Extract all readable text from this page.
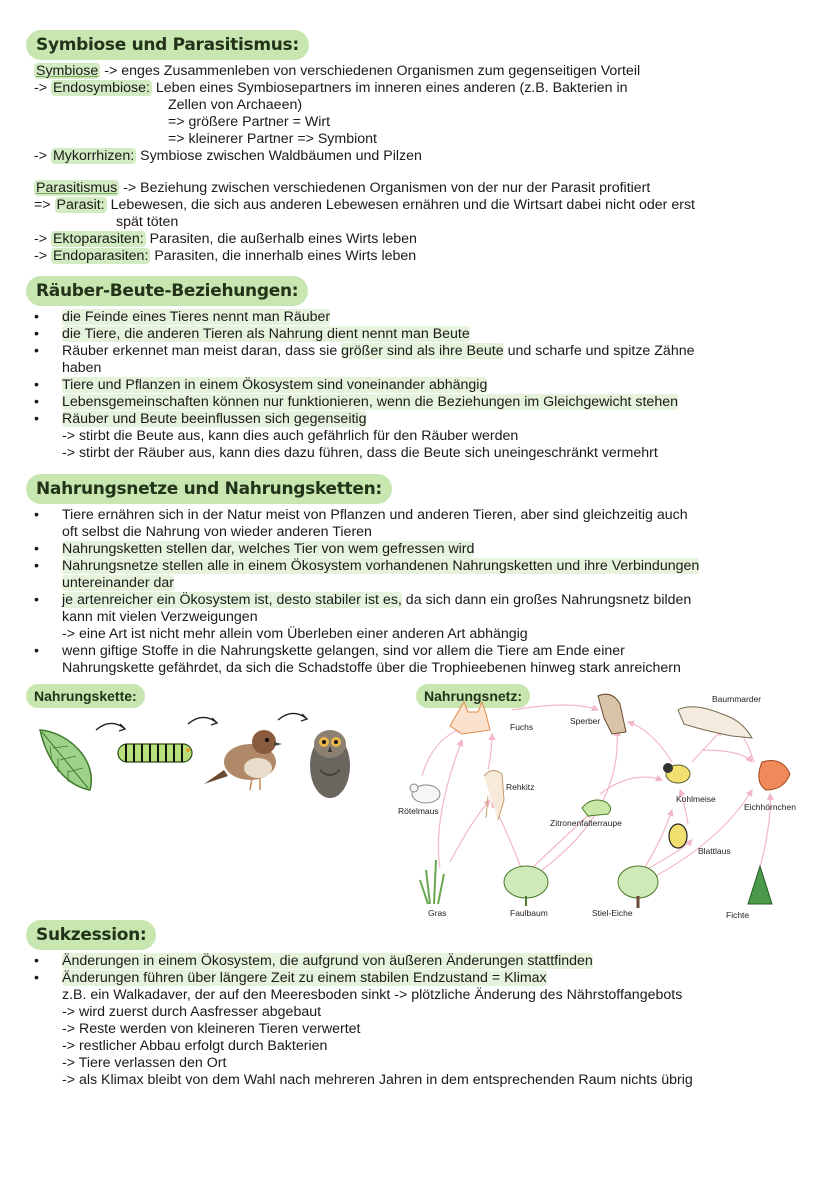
Symbiose und Parasitismus:
Symbiose -> enges Zusammenleben von verschiedenen Organismen zum gegenseitigen Vorteil
-> Endosymbiose: Leben eines Symbiosepartners im inneren eines anderen (z.B. Bakterien in
Zellen von Archaeen)
=> größere Partner = Wirt
=> kleinerer Partner => Symbiont
-> Mykorrhizen: Symbiose zwischen Waldbäumen und Pilzen
Parasitismus -> Beziehung zwischen verschiedenen Organismen von der nur der Parasit profitiert
=> Parasit: Lebewesen, die sich aus anderen Lebewesen ernähren und die Wirtsart dabei nicht oder erst
spät töten
-> Ektoparasiten: Parasiten, die außerhalb eines Wirts leben
-> Endoparasiten: Parasiten, die innerhalb eines Wirts leben
Räuber-Beute-Beziehungen:
•	die Feinde eines Tieres nennt man Räuber
•	die Tiere, die anderen Tieren als Nahrung dient nennt man Beute
•	Räuber erkennet man meist daran, dass sie größer sind als ihre Beute und scharfe und spitze Zähne
haben
•	Tiere und Pflanzen in einem Ökosystem sind voneinander abhängig
•	Lebensgemeinschaften können nur funktionieren, wenn die Beziehungen im Gleichgewicht stehen
•	Räuber und Beute beeinflussen sich gegenseitig
-> stirbt die Beute aus, kann dies auch gefährlich für den Räuber werden
-> stirbt der Räuber aus, kann dies dazu führen, dass die Beute sich uneingeschränkt vermehrt
Nahrungsnetze und Nahrungsketten:
•	Tiere ernähren sich in der Natur meist von Pflanzen und anderen Tieren, aber sind gleichzeitig auch
oft selbst die Nahrung von wieder anderen Tieren
•	Nahrungsketten stellen dar, welches Tier von wem gefressen wird
•	Nahrungsnetze stellen alle in einem Ökosystem vorhandenen Nahrungsketten und ihre Verbindungen
untereinander dar
•	je artenreicher ein Ökosystem ist, desto stabiler ist es, da sich dann ein großes Nahrungsnetz bilden
kann mit vielen Verzweigungen
-> eine Art ist nicht mehr allein vom Überleben einer anderen Art abhängig
•	wenn giftige Stoffe in die Nahrungskette gelangen, sind vor allem die Tiere am Ende einer
Nahrungskette gefährdet, da sich die Schadstoffe über die Trophieebenen hinweg stark anreichern
Nahrungskette:	Nahrungsnetz:
Fuchs
Sperber
Baummarder
Rötelmaus
Rehkitz
Kohlmeise
Eichhörnchen
Zitronenfalterraupe
Blattlaus
Gras	Faulbaum	Stiel-Eiche	Fichte
Sukzession:
•	Änderungen in einem Ökosystem, die aufgrund von äußeren Änderungen stattfinden
•	Änderungen führen über längere Zeit zu einem stabilen Endzustand = Klimax
z.B. ein Walkadaver, der auf den Meeresboden sinkt -> plötzliche Änderung des Nährstoffangebots
-> wird zuerst durch Aasfresser abgebaut
-> Reste werden von kleineren Tieren verwertet
-> restlicher Abbau erfolgt durch Bakterien
-> Tiere verlassen den Ort
-> als Klimax bleibt von dem Wahl nach mehreren Jahren in dem entsprechenden Raum nichts übrig
